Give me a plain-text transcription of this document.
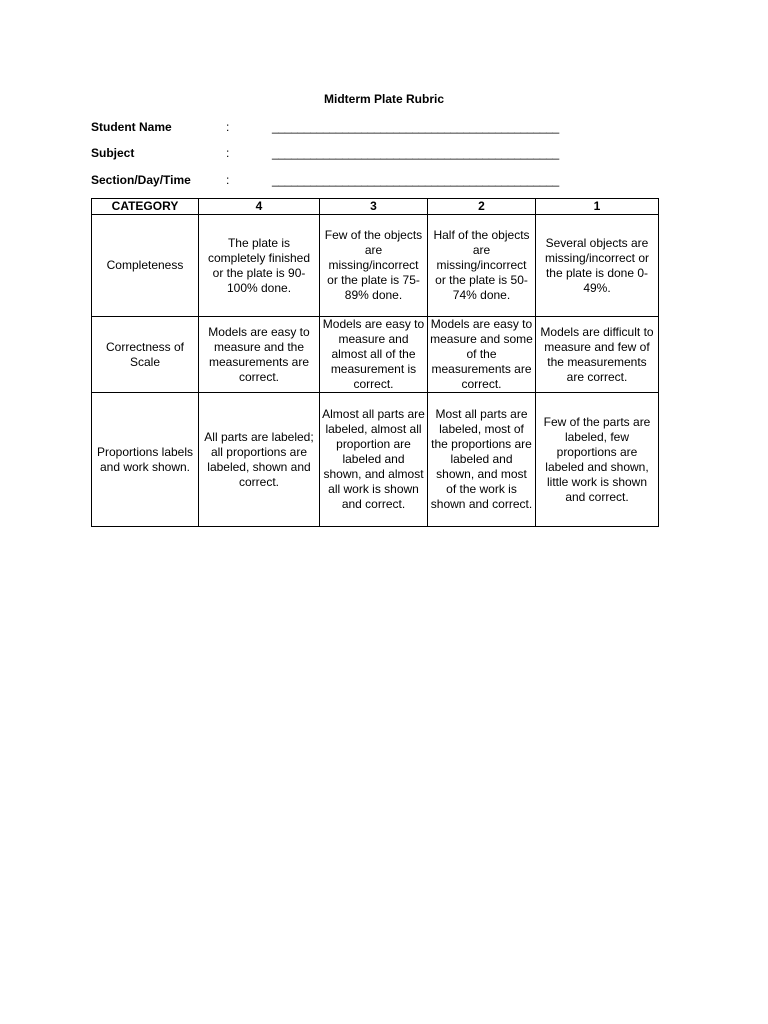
Midterm Plate Rubric
Student Name	:	_____________________________________________
Subject	:	_____________________________________________
Section/Day/Time	:	_____________________________________________
CATEGORY	4	3	2	1
Completeness	The plate is completely finished or the plate is 90-100% done.	Few of the objects are missing/incorrect or the plate is 75-89% done.	Half of the objects are missing/incorrect or the plate is 50-74% done.	Several objects are missing/incorrect or the plate is done 0-49%.
Correctness of Scale	Models are easy to measure and the measurements are correct.	Models are easy to measure and almost all of the measurement is correct.	Models are easy to measure and some of the measurements are correct.	Models are difficult to measure and few of the measurements are correct.
Proportions labels and work shown.	All parts are labeled; all proportions are labeled, shown and correct.	Almost all parts are labeled, almost all proportion are labeled and shown, and almost all work is shown and correct.	Most all parts are labeled, most of the proportions are labeled and shown, and most of the work is shown and correct.	Few of the parts are labeled, few proportions are labeled and shown, little work is shown and correct.
